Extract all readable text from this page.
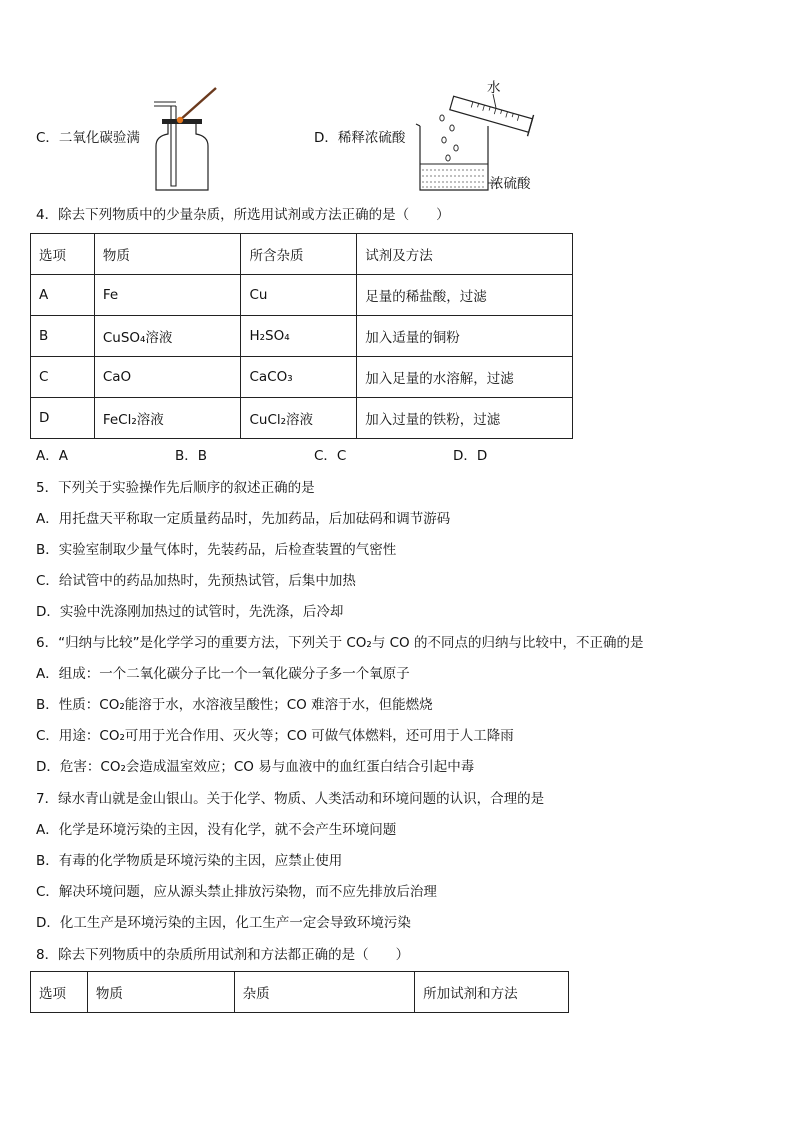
C．二氧化碳验满	D．稀释浓硫酸
水
浓硫酸
4．除去下列物质中的少量杂质，所选用试剂或方法正确的是（　　）
选项	物质	所含杂质	试剂及方法
A	Fe	Cu	足量的稀盐酸，过滤
B	CuSO₄溶液	H₂SO₄	加入适量的铜粉
C	CaO	CaCO₃	加入足量的水溶解，过滤
D	FeCl₂溶液	CuCl₂溶液	加入过量的铁粉，过滤
A．A	B．B	C．C	D．D
5．下列关于实验操作先后顺序的叙述正确的是
A．用托盘天平称取一定质量药品时，先加药品，后加砝码和调节游码
B．实验室制取少量气体时，先装药品，后检查装置的气密性
C．给试管中的药品加热时，先预热试管，后集中加热
D．实验中洗涤刚加热过的试管时，先洗涤，后冷却
6．“归纳与比较”是化学学习的重要方法，下列关于 CO₂与 CO 的不同点的归纳与比较中，不正确的是
A．组成：一个二氧化碳分子比一个一氧化碳分子多一个氧原子
B．性质：CO₂能溶于水，水溶液呈酸性；CO 难溶于水，但能燃烧
C．用途：CO₂可用于光合作用、灭火等；CO 可做气体燃料，还可用于人工降雨
D．危害：CO₂会造成温室效应；CO 易与血液中的血红蛋白结合引起中毒
7．绿水青山就是金山银山。关于化学、物质、人类活动和环境问题的认识，合理的是
A．化学是环境污染的主因，没有化学，就不会产生环境问题
B．有毒的化学物质是环境污染的主因，应禁止使用
C．解决环境问题，应从源头禁止排放污染物，而不应先排放后治理
D．化工生产是环境污染的主因，化工生产一定会导致环境污染
8．除去下列物质中的杂质所用试剂和方法都正确的是（　　）
选项	物质	杂质	所加试剂和方法
